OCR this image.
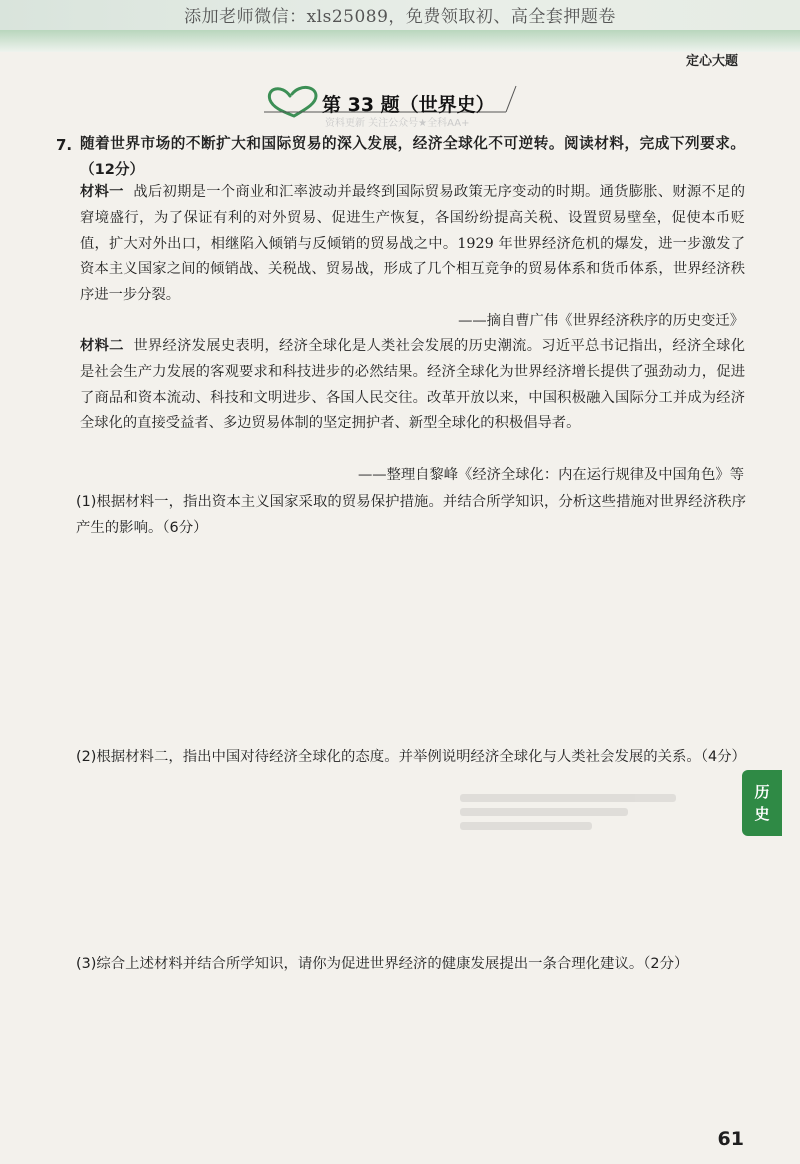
添加老师微信：xls25089，免费领取初、高全套押题卷
定心大题
第 33 题（世界史）
资料更新 关注公众号★全科AA+
7. 随着世界市场的不断扩大和国际贸易的深入发展，经济全球化不可逆转。阅读材料，完成下列要求。（12分）

材料一 战后初期是一个商业和汇率波动并最终到国际贸易政策无序变动的时期。通货膨胀、财源不足的窘境盛行，为了保证有利的对外贸易、促进生产恢复，各国纷纷提高关税、设置贸易壁垒，促使本币贬值，扩大对外出口，相继陷入倾销与反倾销的贸易战之中。1929 年世界经济危机的爆发，进一步激发了资本主义国家之间的倾销战、关税战、贸易战，形成了几个相互竞争的贸易体系和货币体系，世界经济秩序进一步分裂。

——摘自曹广伟《世界经济秩序的历史变迁》

材料二 世界经济发展史表明，经济全球化是人类社会发展的历史潮流。习近平总书记指出，经济全球化是社会生产力发展的客观要求和科技进步的必然结果。经济全球化为世界经济增长提供了强劲动力，促进了商品和资本流动、科技和文明进步、各国人民交往。改革开放以来，中国积极融入国际分工并成为经济全球化的直接受益者、多边贸易体制的坚定拥护者、新型全球化的积极倡导者。

——整理自黎峰《经济全球化：内在运行规律及中国角色》等

(1)根据材料一，指出资本主义国家采取的贸易保护措施。并结合所学知识，分析这些措施对世界经济秩序产生的影响。（6分）

(2)根据材料二，指出中国对待经济全球化的态度。并举例说明经济全球化与人类社会发展的关系。（4分）

(3)综合上述材料并结合所学知识，请你为促进世界经济的健康发展提出一条合理化建议。（2分）

历
史
61
